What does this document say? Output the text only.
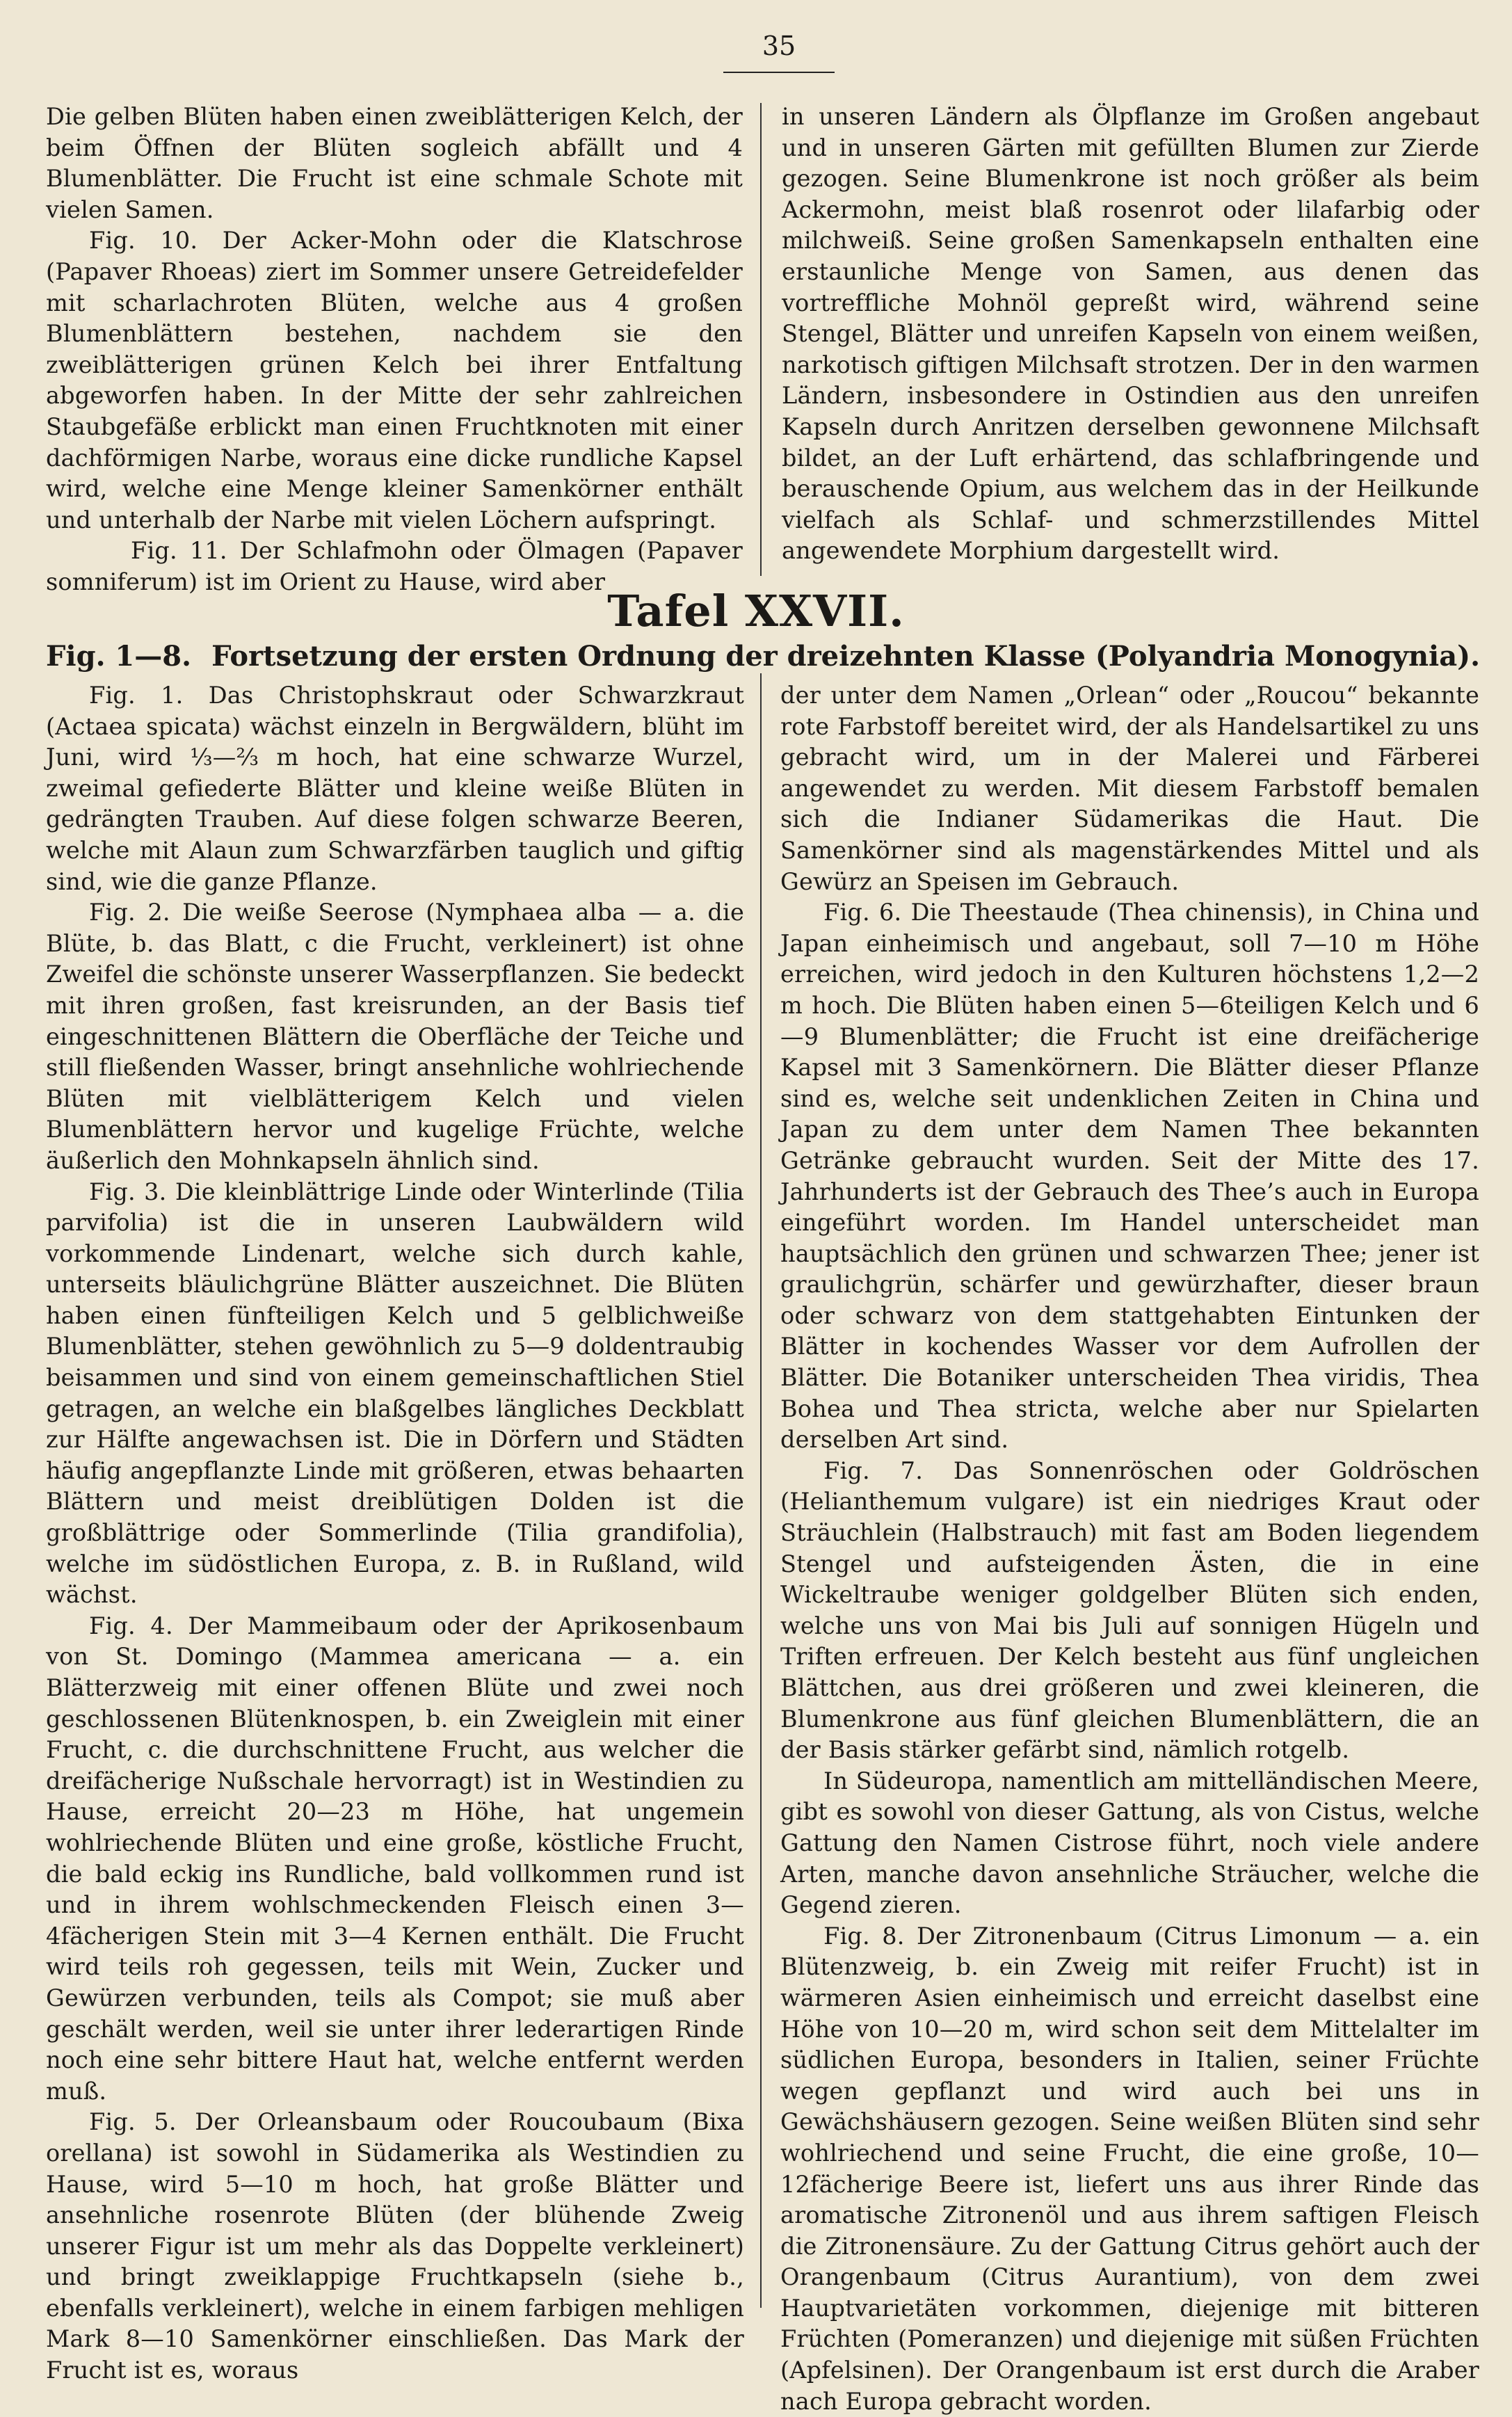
35

Die gelben Blüten haben einen zweiblätterigen Kelch, der beim Öffnen der Blüten sogleich abfällt und 4 Blumenblätter. Die Frucht ist eine schmale Schote mit vielen Samen.

Fig. 10. Der Acker-Mohn oder die Klatschrose (Papaver Rhoeas) ziert im Sommer unsere Getreidefelder mit scharlachroten Blüten, welche aus 4 großen Blumenblättern bestehen, nachdem sie den zweiblätterigen grünen Kelch bei ihrer Entfaltung abgeworfen haben. In der Mitte der sehr zahlreichen Staubgefäße erblickt man einen Fruchtknoten mit einer dachförmigen Narbe, woraus eine dicke rundliche Kapsel wird, welche eine Menge kleiner Samenkörner enthält und unterhalb der Narbe mit vielen Löchern aufspringt.

Fig. 11. Der Schlafmohn oder Ölmagen (Papaver somniferum) ist im Orient zu Hause, wird aber

in unseren Ländern als Ölpflanze im Großen angebaut und in unseren Gärten mit gefüllten Blumen zur Zierde gezogen. Seine Blumenkrone ist noch größer als beim Ackermohn, meist blaß rosenrot oder lilafarbig oder milchweiß. Seine großen Samenkapseln enthalten eine erstaunliche Menge von Samen, aus denen das vortreffliche Mohnöl gepreßt wird, während seine Stengel, Blätter und unreifen Kapseln von einem weißen, narkotisch giftigen Milchsaft strotzen. Der in den warmen Ländern, insbesondere in Ostindien aus den unreifen Kapseln durch Anritzen derselben gewonnene Milchsaft bildet, an der Luft erhärtend, das schlafbringende und berauschende Opium, aus welchem das in der Heilkunde vielfach als Schlaf- und schmerzstillendes Mittel angewendete Morphium dargestellt wird.

Tafel XXVII.
Fig. 1—8. Fortsetzung der ersten Ordnung der dreizehnten Klasse (Polyandria Monogynia).

Fig. 1. Das Christophskraut oder Schwarzkraut (Actaea spicata) wächst einzeln in Bergwäldern, blüht im Juni, wird ⅓—⅔ m hoch, hat eine schwarze Wurzel, zweimal gefiederte Blätter und kleine weiße Blüten in gedrängten Trauben. Auf diese folgen schwarze Beeren, welche mit Alaun zum Schwarzfärben tauglich und giftig sind, wie die ganze Pflanze.

Fig. 2. Die weiße Seerose (Nymphaea alba — a. die Blüte, b. das Blatt, c die Frucht, verkleinert) ist ohne Zweifel die schönste unserer Wasserpflanzen. Sie bedeckt mit ihren großen, fast kreisrunden, an der Basis tief eingeschnittenen Blättern die Oberfläche der Teiche und still fließenden Wasser, bringt ansehnliche wohlriechende Blüten mit vielblätterigem Kelch und vielen Blumenblättern hervor und kugelige Früchte, welche äußerlich den Mohnkapseln ähnlich sind.

Fig. 3. Die kleinblättrige Linde oder Winterlinde (Tilia parvifolia) ist die in unseren Laubwäldern wild vorkommende Lindenart, welche sich durch kahle, unterseits bläulichgrüne Blätter auszeichnet. Die Blüten haben einen fünfteiligen Kelch und 5 gelblichweiße Blumenblätter, stehen gewöhnlich zu 5—9 doldentraubig beisammen und sind von einem gemeinschaftlichen Stiel getragen, an welche ein blaßgelbes längliches Deckblatt zur Hälfte angewachsen ist. Die in Dörfern und Städten häufig angepflanzte Linde mit größeren, etwas behaarten Blättern und meist dreiblütigen Dolden ist die großblättrige oder Sommerlinde (Tilia grandifolia), welche im südöstlichen Europa, z. B. in Rußland, wild wächst.

Fig. 4. Der Mammeibaum oder der Aprikosenbaum von St. Domingo (Mammea americana — a. ein Blätterzweig mit einer offenen Blüte und zwei noch geschlossenen Blütenknospen, b. ein Zweiglein mit einer Frucht, c. die durchschnittene Frucht, aus welcher die dreifächerige Nußschale hervorragt) ist in Westindien zu Hause, erreicht 20—23 m Höhe, hat ungemein wohlriechende Blüten und eine große, köstliche Frucht, die bald eckig ins Rundliche, bald vollkommen rund ist und in ihrem wohlschmeckenden Fleisch einen 3—4fächerigen Stein mit 3—4 Kernen enthält. Die Frucht wird teils roh gegessen, teils mit Wein, Zucker und Gewürzen verbunden, teils als Compot; sie muß aber geschält werden, weil sie unter ihrer lederartigen Rinde noch eine sehr bittere Haut hat, welche entfernt werden muß.

Fig. 5. Der Orleansbaum oder Roucoubaum (Bixa orellana) ist sowohl in Südamerika als Westindien zu Hause, wird 5—10 m hoch, hat große Blätter und ansehnliche rosenrote Blüten (der blühende Zweig unserer Figur ist um mehr als das Doppelte verkleinert) und bringt zweiklappige Fruchtkapseln (siehe b., ebenfalls verkleinert), welche in einem farbigen mehligen Mark 8—10 Samenkörner einschließen. Das Mark der Frucht ist es, woraus

der unter dem Namen „Orlean“ oder „Roucou“ bekannte rote Farbstoff bereitet wird, der als Handelsartikel zu uns gebracht wird, um in der Malerei und Färberei angewendet zu werden. Mit diesem Farbstoff bemalen sich die Indianer Südamerikas die Haut. Die Samenkörner sind als magenstärkendes Mittel und als Gewürz an Speisen im Gebrauch.

Fig. 6. Die Theestaude (Thea chinensis), in China und Japan einheimisch und angebaut, soll 7—10 m Höhe erreichen, wird jedoch in den Kulturen höchstens 1,2—2 m hoch. Die Blüten haben einen 5—6teiligen Kelch und 6—9 Blumenblätter; die Frucht ist eine dreifächerige Kapsel mit 3 Samenkörnern. Die Blätter dieser Pflanze sind es, welche seit undenklichen Zeiten in China und Japan zu dem unter dem Namen Thee bekannten Getränke gebraucht wurden. Seit der Mitte des 17. Jahrhunderts ist der Gebrauch des Thee’s auch in Europa eingeführt worden. Im Handel unterscheidet man hauptsächlich den grünen und schwarzen Thee; jener ist graulichgrün, schärfer und gewürzhafter, dieser braun oder schwarz von dem stattgehabten Eintunken der Blätter in kochendes Wasser vor dem Aufrollen der Blätter. Die Botaniker unterscheiden Thea viridis, Thea Bohea und Thea stricta, welche aber nur Spielarten derselben Art sind.

Fig. 7. Das Sonnenröschen oder Goldröschen (Helianthemum vulgare) ist ein niedriges Kraut oder Sträuchlein (Halbstrauch) mit fast am Boden liegendem Stengel und aufsteigenden Ästen, die in eine Wickeltraube weniger goldgelber Blüten sich enden, welche uns von Mai bis Juli auf sonnigen Hügeln und Triften erfreuen. Der Kelch besteht aus fünf ungleichen Blättchen, aus drei größeren und zwei kleineren, die Blumenkrone aus fünf gleichen Blumenblättern, die an der Basis stärker gefärbt sind, nämlich rotgelb.

In Südeuropa, namentlich am mittelländischen Meere, gibt es sowohl von dieser Gattung, als von Cistus, welche Gattung den Namen Cistrose führt, noch viele andere Arten, manche davon ansehnliche Sträucher, welche die Gegend zieren.

Fig. 8. Der Zitronenbaum (Citrus Limonum — a. ein Blütenzweig, b. ein Zweig mit reifer Frucht) ist in wärmeren Asien einheimisch und erreicht daselbst eine Höhe von 10—20 m, wird schon seit dem Mittelalter im südlichen Europa, besonders in Italien, seiner Früchte wegen gepflanzt und wird auch bei uns in Gewächshäusern gezogen. Seine weißen Blüten sind sehr wohlriechend und seine Frucht, die eine große, 10—12fächerige Beere ist, liefert uns aus ihrer Rinde das aromatische Zitronenöl und aus ihrem saftigen Fleisch die Zitronensäure. Zu der Gattung Citrus gehört auch der Orangenbaum (Citrus Aurantium), von dem zwei Hauptvarietäten vorkommen, diejenige mit bitteren Früchten (Pomeranzen) und diejenige mit süßen Früchten (Apfelsinen). Der Orangenbaum ist erst durch die Araber nach Europa gebracht worden.
